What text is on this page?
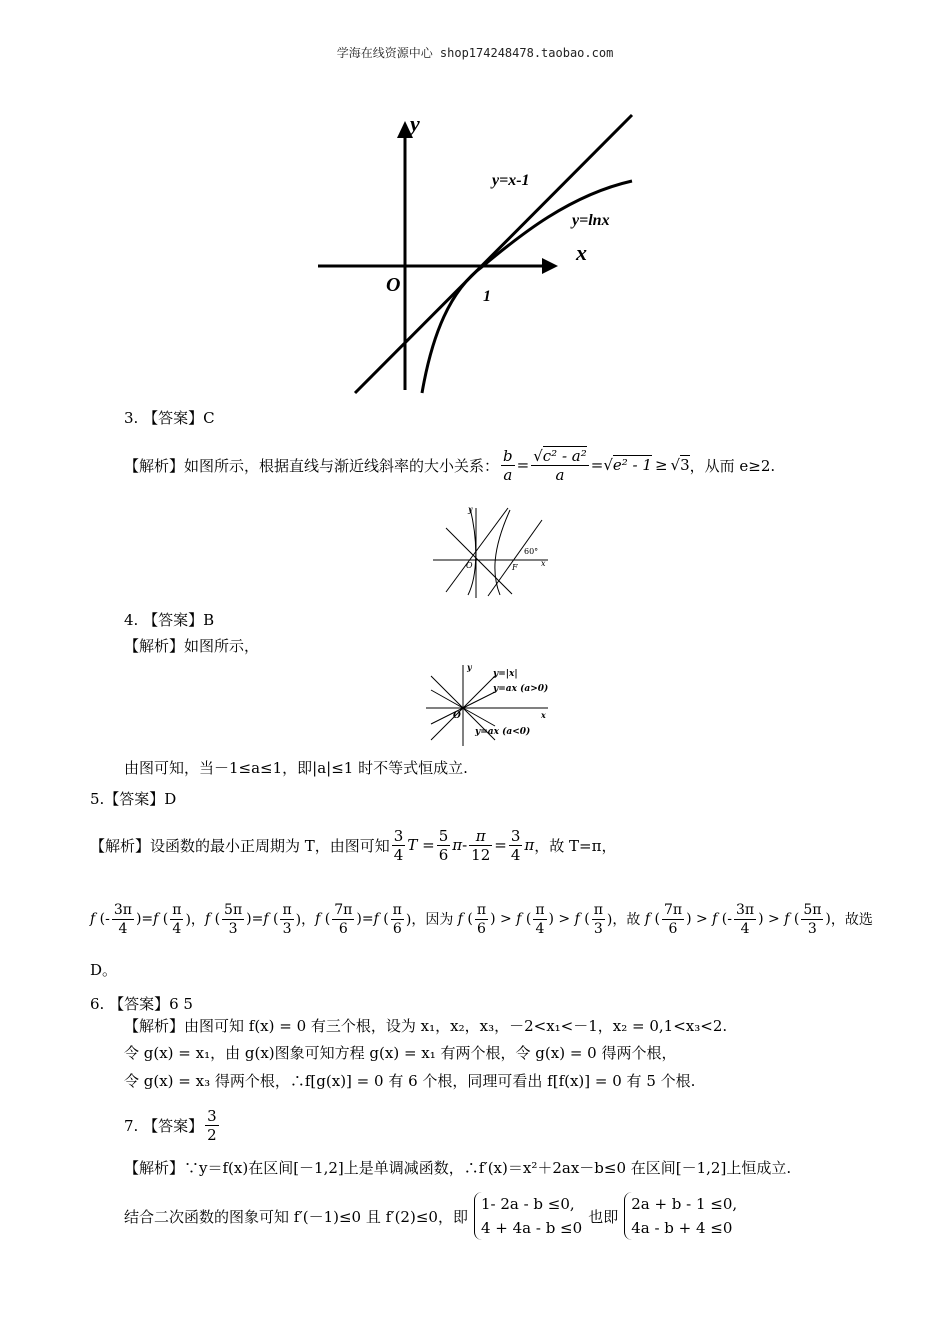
学海在线资源中心 shop174248478.taobao.com
y
x
O
1
y=x-1
y=lnx
3. 【答案】C
【解析】如图所示，根据直线与渐近线斜率的大小关系： $\frac{b}{a} = \frac{\text{√c² - a²}}{a} = √e^2 - 1 \ge √3$ ，从而 e≥2.
y
x
O	F
60°
4. 【答案】B
【解析】如图所示，
y
x
O
y=|x|
y=ax (a>0)
y=ax (a<0)
由图可知，当－1≤a≤1，即|a|≤1 时不等式恒成立.
5.【答案】D
【解析】设函数的最小正周期为 T，由图可知 $\frac{3}{4}$ $T = \frac{5}{6}$ $\pi - \frac{\pi}{12} = \frac{3}{4}$ π ，故 T=π，
f (- $\frac{3\pi}{4}$ )= f ( $\frac{\pi}{4}$ )， f ( $\frac{5\pi}{3}$ )= f ( $\frac{\pi}{3}$ )， f ( $\frac{7\pi}{6}$ )= f ( $\frac{\pi}{6}$ )，因为 f ( $\frac{\pi}{6}$ ) > f ( $\frac{\pi}{4}$ ) > f ( $\frac{\pi}{3}$ )，故 f ( $\frac{7\pi}{6}$ ) > f (- $\frac{3\pi}{4}$ ) > f ( $\frac{5\pi}{3}$ ) ，故选
D。
6. 【答案】6 5
【解析】由图可知 f(x) = 0 有三个根，设为 x₁，x₂，x₃，－2<x₁<－1，x₂ = 0,1<x₃<2.
令 g(x) = x₁，由 g(x)图象可知方程 g(x) = x₁ 有两个根，令 g(x) = 0 得两个根，
令 g(x) = x₃ 得两个根，∴f[g(x)] = 0 有 6 个根，同理可看出 f[f(x)] = 0 有 5 个根.
7. 【答案】 $\frac{3}{2}$
【解析】∵y＝f(x)在区间[－1,2]上是单调减函数，∴f′(x)＝x²＋2ax－b≤0 在区间[－1,2]上恒成立.
结合二次函数的图象可知 f′(－1)≤0 且 f′(2)≤0，即
1- 2a - b ≤0,
4 + 4a - b ≤0
也即
2a + b - 1 ≤0,
4a - b + 4 ≤0
